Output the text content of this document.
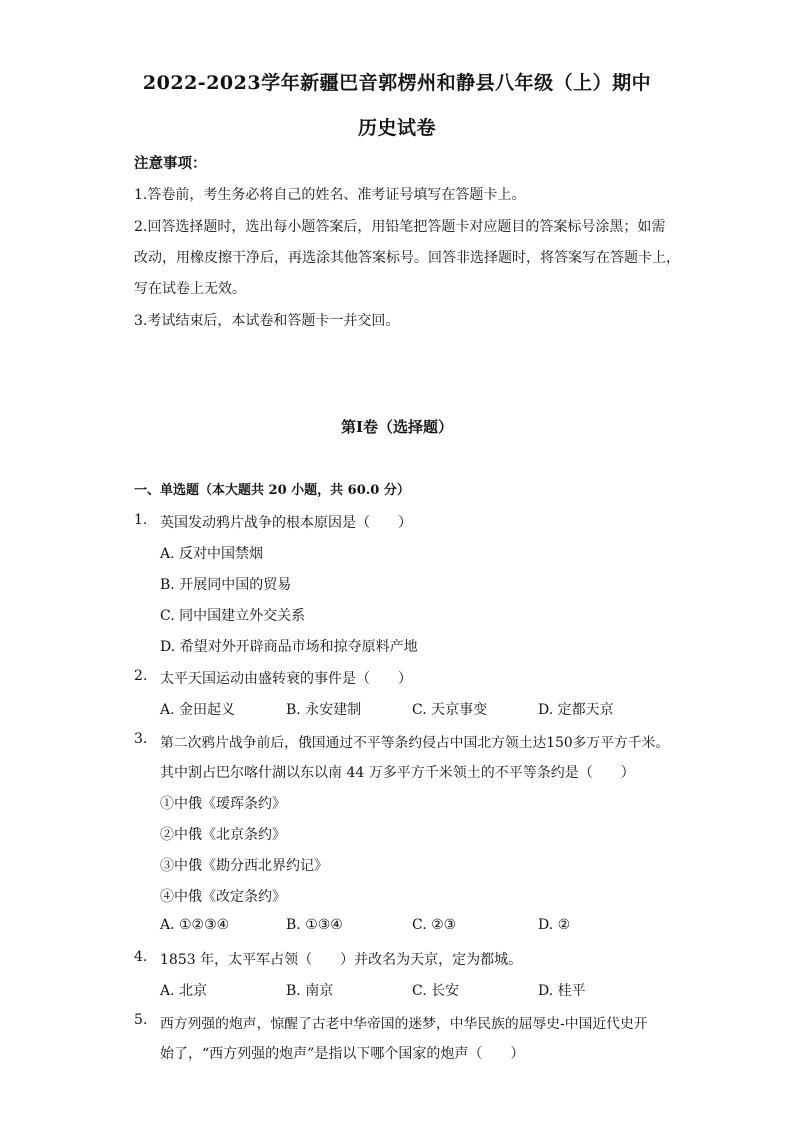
2022-2023学年新疆巴音郭楞州和静县八年级（上）期中
历史试卷
注意事项：
1.答卷前，考生务必将自己的姓名、准考证号填写在答题卡上。
2.回答选择题时，选出每小题答案后，用铅笔把答题卡对应题目的答案标号涂黑；如需
改动，用橡皮擦干净后，再选涂其他答案标号。回答非选择题时，将答案写在答题卡上，
写在试卷上无效。
3.考试结束后，本试卷和答题卡一并交回。
第I卷（选择题）
一、单选题（本大题共 20 小题，共 60.0 分）
1. 英国发动鸦片战争的根本原因是（　　）
A. 反对中国禁烟
B. 开展同中国的贸易
C. 同中国建立外交关系
D. 希望对外开辟商品市场和掠夺原料产地
2. 太平天国运动由盛转衰的事件是（　　）
A. 金田起义	B. 永安建制	C. 天京事变	D. 定都天京
3. 第二次鸦片战争前后，俄国通过不平等条约侵占中国北方领土达150多万平方千米。
其中割占巴尔喀什湖以东以南 44 万多平方千米领土的不平等条约是（　　）
①中俄《瑷珲条约》
②中俄《北京条约》
③中俄《勘分西北界约记》
④中俄《改定条约》
A. ①②③④	B. ①③④	C. ②③	D. ②
4. 1853 年，太平军占领（　　）并改名为天京，定为都城。
A. 北京	B. 南京	C. 长安	D. 桂平
5. 西方列强的炮声，惊醒了古老中华帝国的迷梦，中华民族的屈辱史-中国近代史开
始了，“西方列强的炮声”是指以下哪个国家的炮声（　　）
